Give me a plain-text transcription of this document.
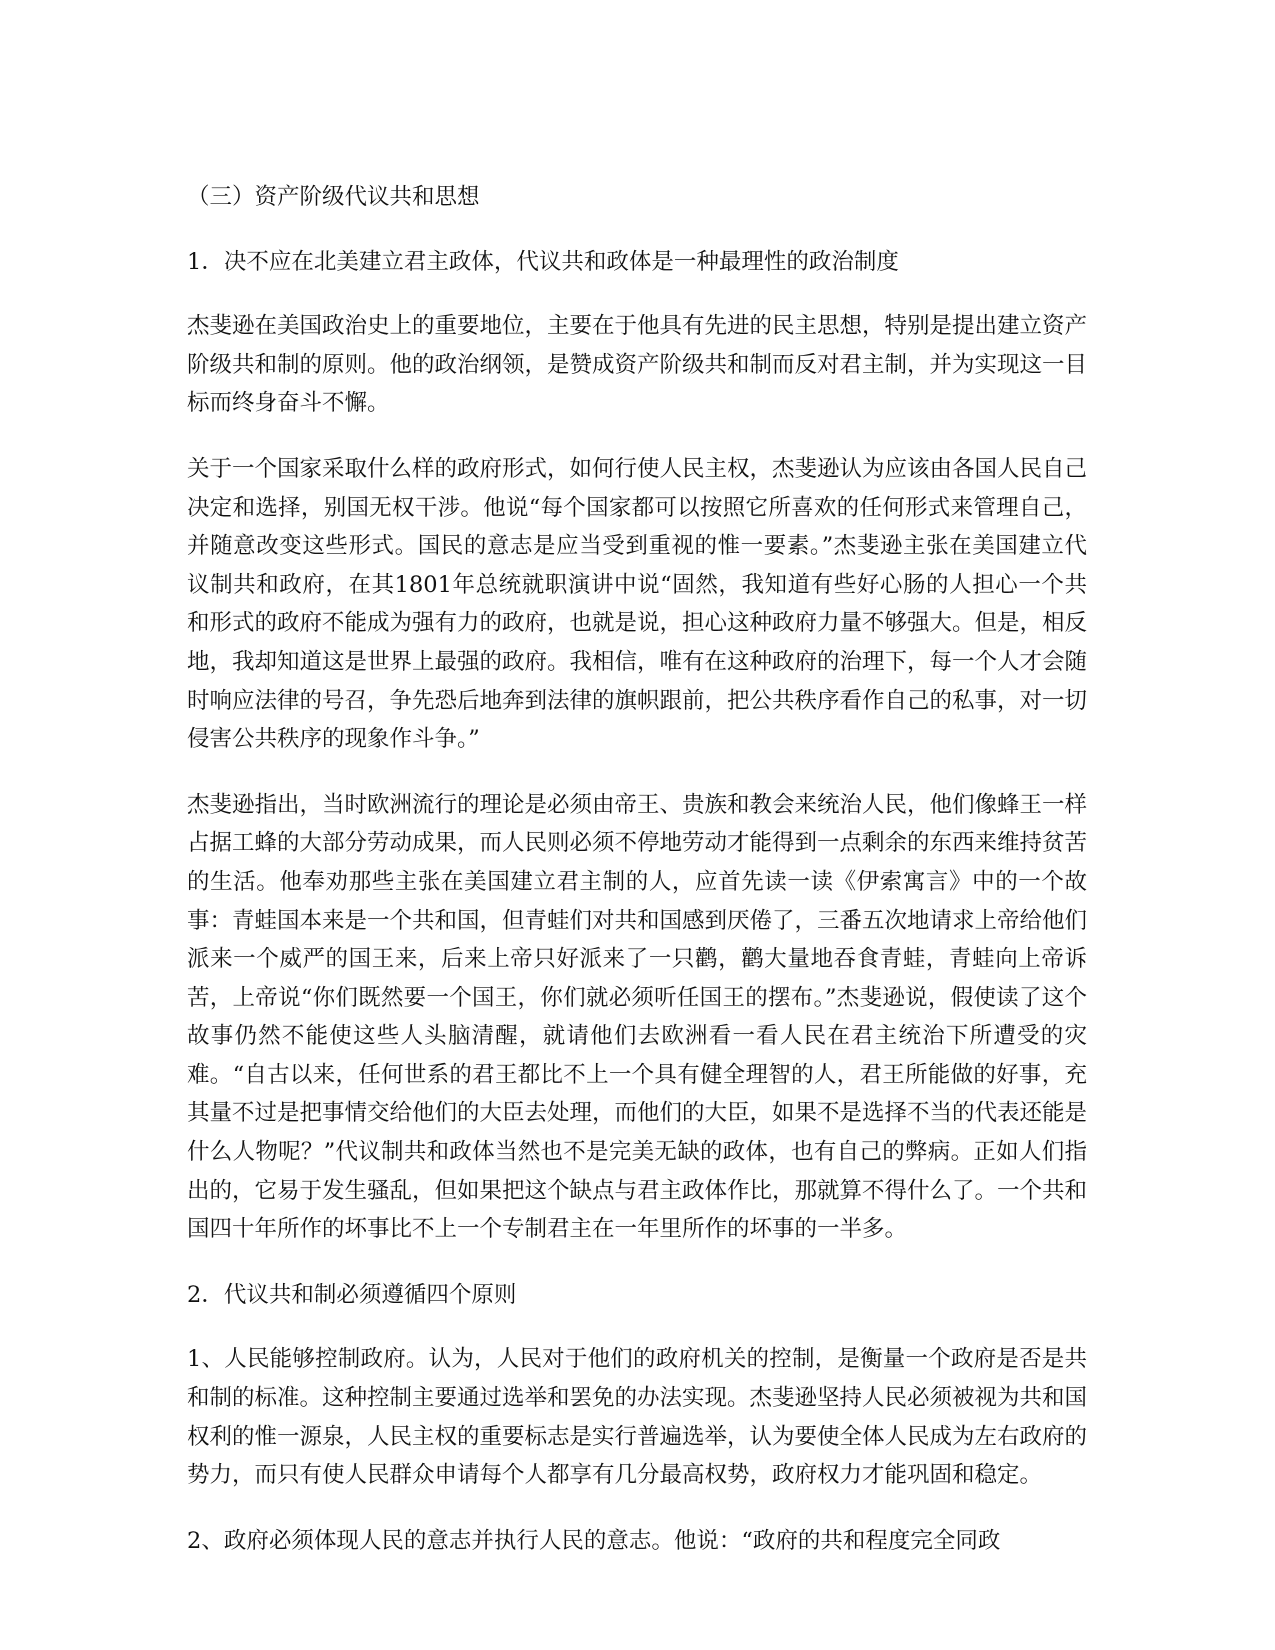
（三）资产阶级代议共和思想

1．决不应在北美建立君主政体，代议共和政体是一种最理性的政治制度

杰斐逊在美国政治史上的重要地位，主要在于他具有先进的民主思想，特别是提出建立资产阶级共和制的原则。他的政治纲领，是赞成资产阶级共和制而反对君主制，并为实现这一目标而终身奋斗不懈。

关于一个国家采取什么样的政府形式，如何行使人民主权，杰斐逊认为应该由各国人民自己决定和选择，别国无权干涉。他说“每个国家都可以按照它所喜欢的任何形式来管理自己，并随意改变这些形式。国民的意志是应当受到重视的惟一要素。”杰斐逊主张在美国建立代议制共和政府，在其1801年总统就职演讲中说“固然，我知道有些好心肠的人担心一个共和形式的政府不能成为强有力的政府，也就是说，担心这种政府力量不够强大。但是，相反地，我却知道这是世界上最强的政府。我相信，唯有在这种政府的治理下，每一个人才会随时响应法律的号召，争先恐后地奔到法律的旗帜跟前，把公共秩序看作自己的私事，对一切侵害公共秩序的现象作斗争。”

杰斐逊指出，当时欧洲流行的理论是必须由帝王、贵族和教会来统治人民，他们像蜂王一样占据工蜂的大部分劳动成果，而人民则必须不停地劳动才能得到一点剩余的东西来维持贫苦的生活。他奉劝那些主张在美国建立君主制的人，应首先读一读《伊索寓言》中的一个故事：青蛙国本来是一个共和国，但青蛙们对共和国感到厌倦了，三番五次地请求上帝给他们派来一个威严的国王来，后来上帝只好派来了一只鹳，鹳大量地吞食青蛙，青蛙向上帝诉苦，上帝说“你们既然要一个国王，你们就必须听任国王的摆布。”杰斐逊说，假使读了这个故事仍然不能使这些人头脑清醒，就请他们去欧洲看一看人民在君主统治下所遭受的灾难。“自古以来，任何世系的君王都比不上一个具有健全理智的人，君王所能做的好事，充其量不过是把事情交给他们的大臣去处理，而他们的大臣，如果不是选择不当的代表还能是什么人物呢？”代议制共和政体当然也不是完美无缺的政体，也有自己的弊病。正如人们指出的，它易于发生骚乱，但如果把这个缺点与君主政体作比，那就算不得什么了。一个共和国四十年所作的坏事比不上一个专制君主在一年里所作的坏事的一半多。

2．代议共和制必须遵循四个原则

1、人民能够控制政府。认为，人民对于他们的政府机关的控制，是衡量一个政府是否是共和制的标准。这种控制主要通过选举和罢免的办法实现。杰斐逊坚持人民必须被视为共和国权利的惟一源泉，人民主权的重要标志是实行普遍选举，认为要使全体人民成为左右政府的势力，而只有使人民群众申请每个人都享有几分最高权势，政府权力才能巩固和稳定。

2、政府必须体现人民的意志并执行人民的意志。他说：“政府的共和程度完全同政
